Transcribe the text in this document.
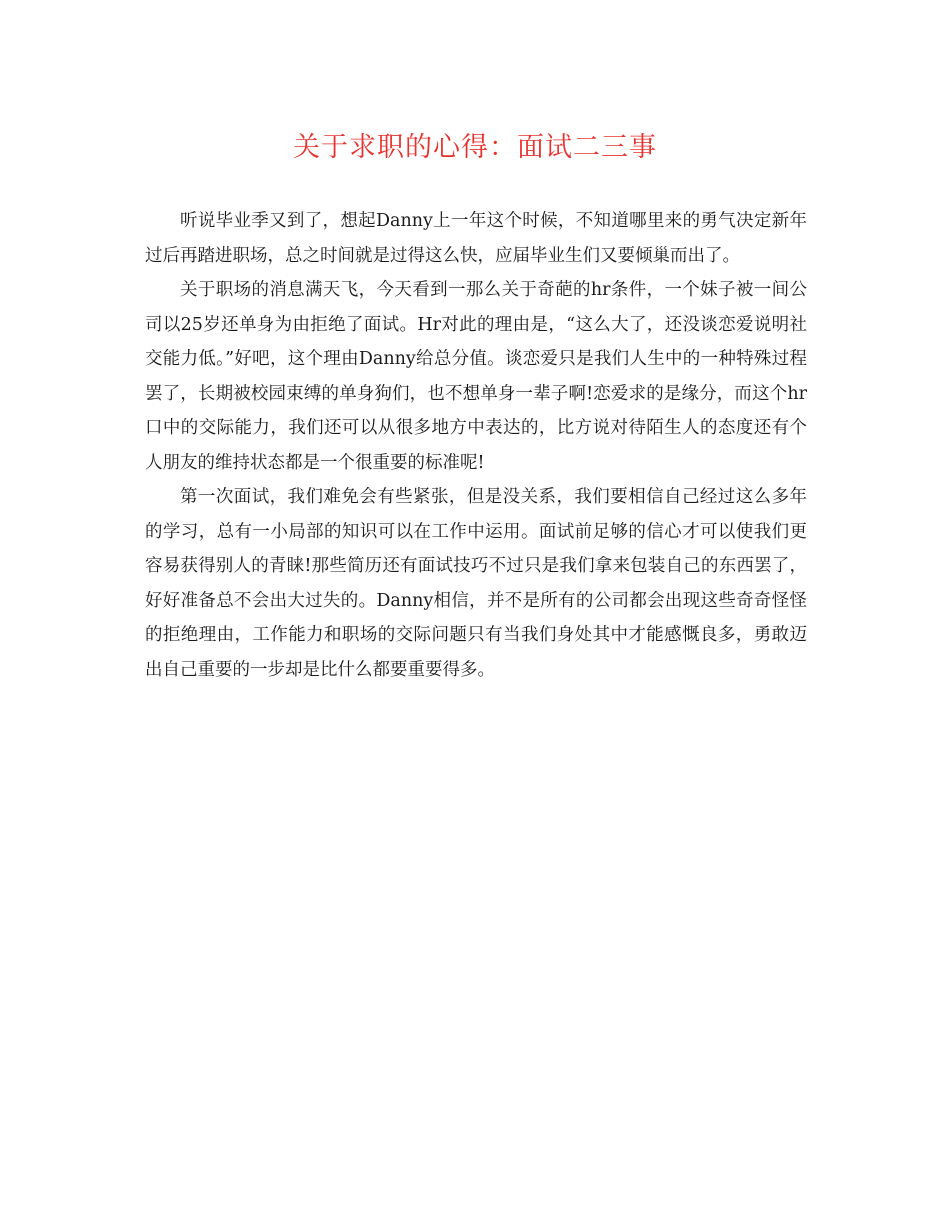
关于求职的心得：面试二三事

听说毕业季又到了，想起Danny上一年这个时候，不知道哪里来的勇气决定新年过后再踏进职场，总之时间就是过得这么快，应届毕业生们又要倾巢而出了。

关于职场的消息满天飞，今天看到一那么关于奇葩的hr条件，一个妹子被一间公司以25岁还单身为由拒绝了面试。Hr对此的理由是，“这么大了，还没谈恋爱说明社交能力低。”好吧，这个理由Danny给总分值。谈恋爱只是我们人生中的一种特殊过程罢了，长期被校园束缚的单身狗们，也不想单身一辈子啊!恋爱求的是缘分，而这个hr口中的交际能力，我们还可以从很多地方中表达的，比方说对待陌生人的态度还有个人朋友的维持状态都是一个很重要的标准呢!

第一次面试，我们难免会有些紧张，但是没关系，我们要相信自己经过这么多年的学习，总有一小局部的知识可以在工作中运用。面试前足够的信心才可以使我们更容易获得别人的青睐!那些简历还有面试技巧不过只是我们拿来包装自己的东西罢了，好好准备总不会出大过失的。Danny相信，并不是所有的公司都会出现这些奇奇怪怪的拒绝理由，工作能力和职场的交际问题只有当我们身处其中才能感慨良多，勇敢迈出自己重要的一步却是比什么都要重要得多。
